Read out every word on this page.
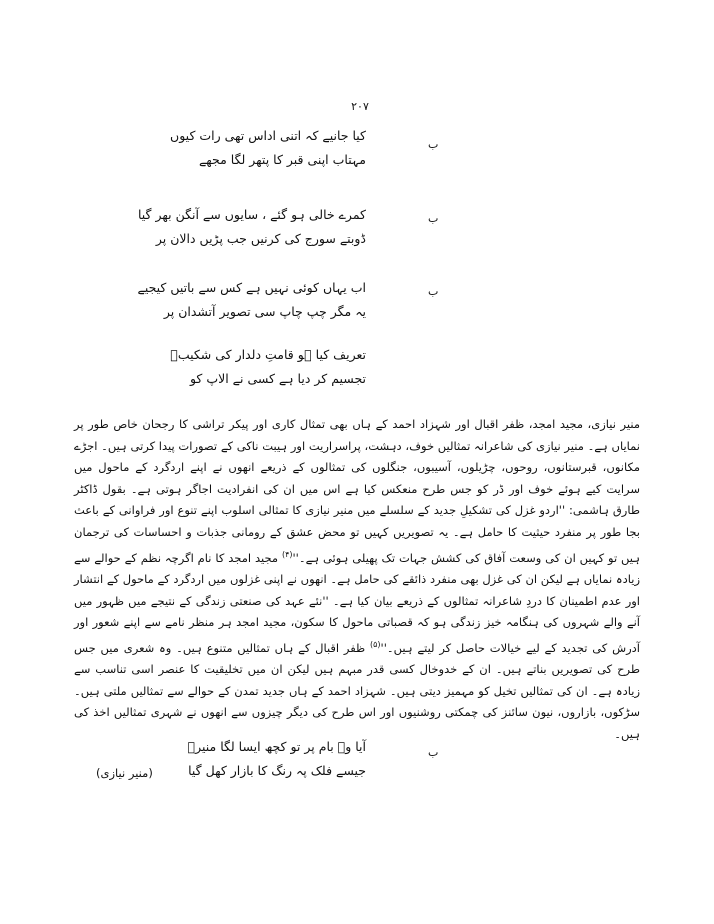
۲۰۷
ب
کیا جانیے کہ اتنی اداس تھی رات کیوں
مہتاب اپنی قبر کا پتھر لگا مجھے
ب
کمرے خالی ہو گئے ، سایوں سے آنگن بھر گیا
ڈوبتے سورج کی کرنیں جب پڑیں دالان پر
ب
اب یہاں کوئی نہیں ہے کس سے باتیں کیجیے
یہ مگر چپ چاپ سی تصویر آتشدان پر
تعریف کیا ہو قامتِ دلدار کی شکیبؔ
تجسیم کر دیا ہے کسی نے الاپ کو

منیر نیازی، مجید امجد، ظفر اقبال اور شہزاد احمد کے ہاں بھی تمثال کاری اور پیکر تراشی کا رجحان خاص طور پر نمایاں ہے۔ منیر نیازی کی شاعرانہ تمثالیں خوف، دہشت، پراسراریت اور ہیبت ناکی کے تصورات پیدا کرتی ہیں۔ اجڑے مکانوں، قبرستانوں، روحوں، چڑیلوں، آسیبوں، جنگلوں کی تمثالوں کے ذریعے انھوں نے اپنے اردگرد کے ماحول میں سرایت کیے ہوئے خوف اور ڈر کو جس طرح منعکس کیا ہے اس میں ان کی انفرادیت اجاگر ہوتی ہے۔ بقول ڈاکٹر طارق ہاشمی: ''اردو غزل کی تشکیلِ جدید کے سلسلے میں منیر نیازی کا تمثالی اسلوب اپنے تنوع اور فراوانی کے باعث بجا طور پر منفرد حیثیت کا حامل ہے۔ یہ تصویریں کہیں تو محض عشق کے رومانی جذبات و احساسات کی ترجمان ہیں تو کہیں ان کی وسعت آفاق کی کشش جہات تک پھیلی ہوئی $ہے۔''^{(۴)}$ مجید امجد کا نام اگرچہ نظم کے حوالے سے زیادہ نمایاں ہے لیکن ان کی غزل بھی منفرد ذائقے کی حامل ہے۔ انھوں نے اپنی غزلوں میں اردگرد کے ماحول کے انتشار اور عدم اطمینان کا دردِ شاعرانہ تمثالوں کے ذریعے بیان کیا ہے۔ ''نئے عہد کی صنعتی زندگی کے نتیجے میں ظہور میں آنے والے شہروں کی ہنگامہ خیز زندگی ہو کہ قصباتی ماحول کا سکون، مجید امجد ہر منظر نامے سے اپنے شعور اور آدرش کی تجدید کے لیے خیالات حاصل کر لیتے $ہیں۔''^{(۵)}$ ظفر اقبال کے ہاں تمثالیں متنوع ہیں۔ وہ شعری میں جس طرح کی تصویریں بناتے ہیں۔ ان کے خدوخال کسی قدر مبہم ہیں لیکن ان میں تخلیقیت کا عنصر اسی تناسب سے زیادہ ہے۔ ان کی تمثالیں تخیل کو مہمیز دیتی ہیں۔ شہزاد احمد کے ہاں جدید تمدن کے حوالے سے تمثالیں ملتی ہیں۔ سڑکوں، بازاروں، نیون سائنز کی چمکتی روشنیوں اور اس طرح کی دیگر چیزوں سے انھوں نے شہری تمثالیں اخذ کی ہیں۔

ب
آیا وہ بام پر تو کچھ ایسا لگا منیرؔ
جیسے فلک پہ رنگ کا بازار کھل گیا
(منیر نیازی)
